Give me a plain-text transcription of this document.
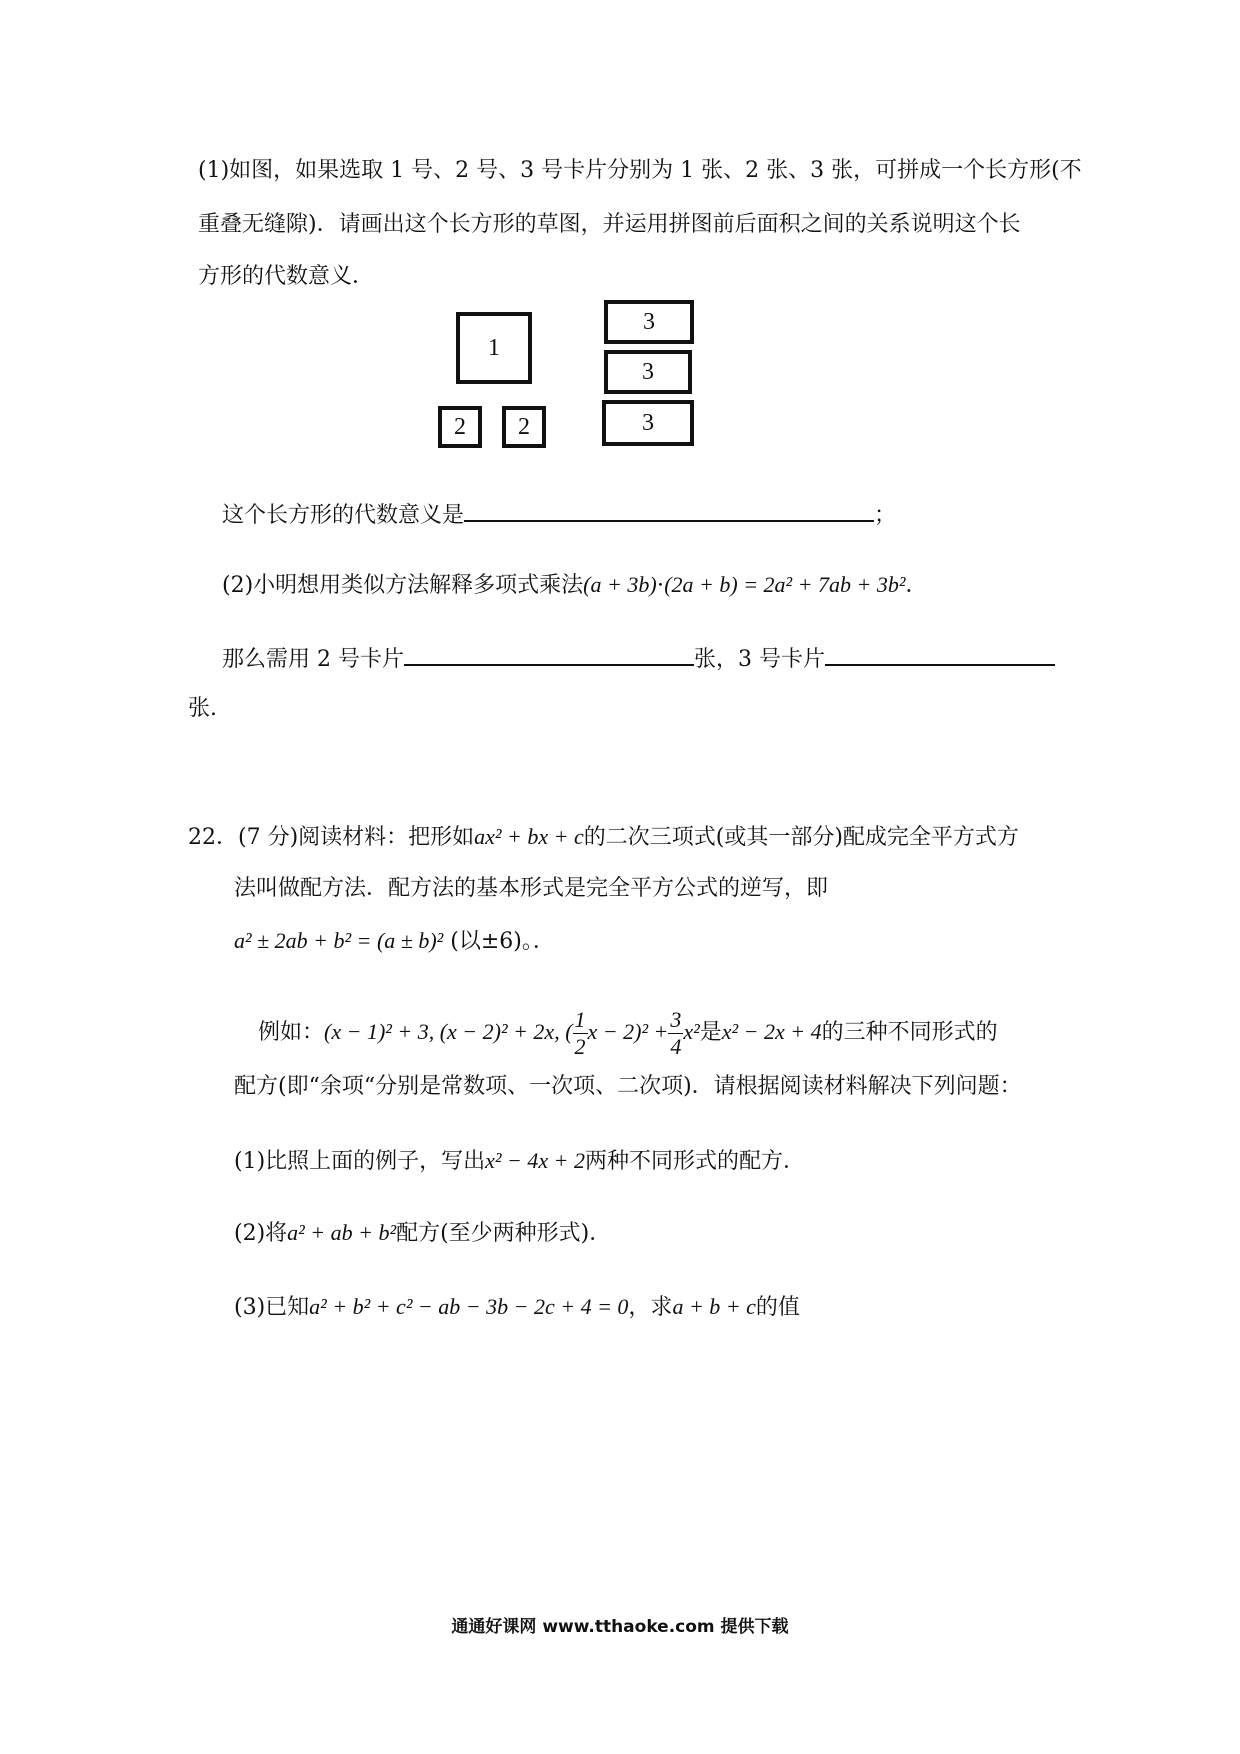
(1)如图，如果选取 1 号、2 号、3 号卡片分别为 1 张、2 张、3 张，可拼成一个长方形(不
重叠无缝隙)．请画出这个长方形的草图，并运用拼图前后面积之间的关系说明这个长
方形的代数意义．
1
2	2
3
3
3
这个长方形的代数意义是	；
(2)小明想用类似方法解释多项式乘法(a + 3b)⋅(2a + b) = 2a² + 7ab + 3b²．
那么需用 2 号卡片	张，3 号卡片
张.
22．(7 分)阅读材料：把形如ax² + bx + c的二次三项式(或其一部分)配成完全平方式方
法叫做配方法．配方法的基本形式是完全平方公式的逆写，即
a² ± 2ab + b² = (a ± b)² (以±6)。．
例如：(x − 1)² + 3, (x − 2)² + 2x, ( $\frac{1}{2}$ $x - 2)^2 + \frac{3}{4} x^2$是x² − 2x + 4的三种不同形式的
配方(即“余项“分别是常数项、一次项、二次项)．请根据阅读材料解决下列问题：
(1)比照上面的例子，写出x² − 4x + 2两种不同形式的配方．
(2)将a² + ab + b²配方(至少两种形式)．
(3)已知a² + b² + c² − ab − 3b − 2c + 4 = 0，求a + b + c的值
通通好课网 www.tthaoke.com 提供下载
